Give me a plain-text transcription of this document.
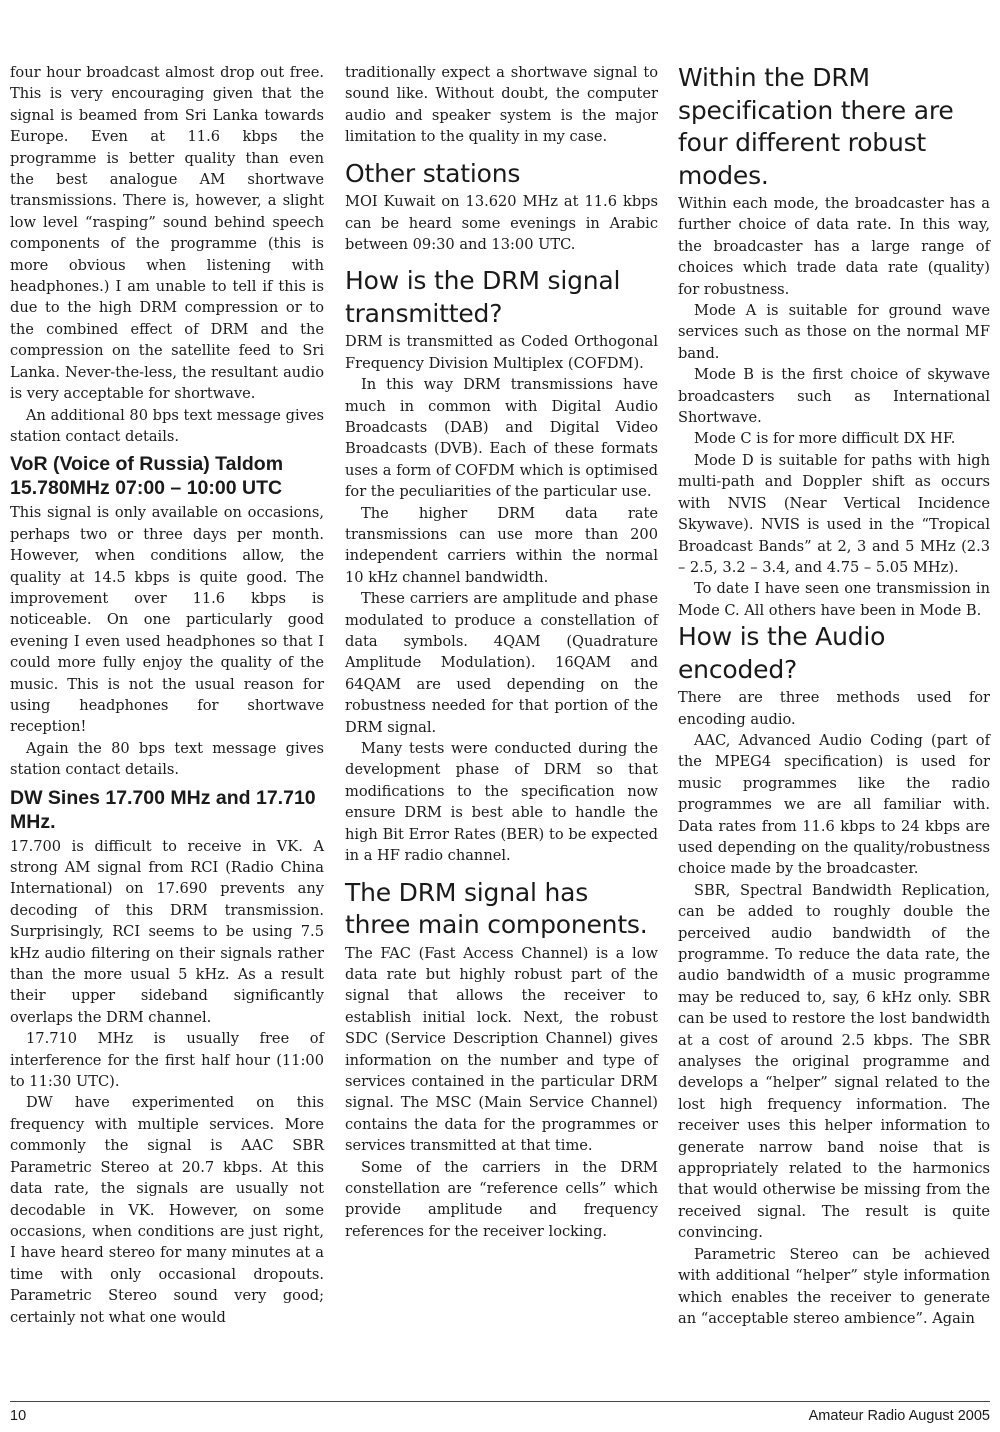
four hour broadcast almost drop out free. This is very encouraging given that the signal is beamed from Sri Lanka towards Europe. Even at 11.6 kbps the programme is better quality than even the best analogue AM shortwave transmissions. There is, however, a slight low level “rasping” sound behind speech components of the programme (this is more obvious when listening with headphones.) I am unable to tell if this is due to the high DRM compression or to the combined effect of DRM and the compression on the satellite feed to Sri Lanka. Never-the-less, the resultant audio is very acceptable for shortwave.

An additional 80 bps text message gives station contact details.

VoR (Voice of Russia) Taldom 15.780MHz 07:00 – 10:00 UTC

This signal is only available on occasions, perhaps two or three days per month. However, when conditions allow, the quality at 14.5 kbps is quite good. The improvement over 11.6 kbps is noticeable. On one particularly good evening I even used headphones so that I could more fully enjoy the quality of the music. This is not the usual reason for using headphones for shortwave reception!

Again the 80 bps text message gives station contact details.

DW Sines 17.700 MHz and 17.710 MHz.

17.700 is difficult to receive in VK. A strong AM signal from RCI (Radio China International) on 17.690 prevents any decoding of this DRM transmission. Surprisingly, RCI seems to be using 7.5 kHz audio filtering on their signals rather than the more usual 5 kHz. As a result their upper sideband significantly overlaps the DRM channel.

17.710 MHz is usually free of interference for the first half hour (11:00 to 11:30 UTC).

DW have experimented on this frequency with multiple services. More commonly the signal is AAC SBR Parametric Stereo at 20.7 kbps. At this data rate, the signals are usually not decodable in VK. However, on some occasions, when conditions are just right, I have heard stereo for many minutes at a time with only occasional dropouts. Parametric Stereo sound very good; certainly not what one would

traditionally expect a shortwave signal to sound like. Without doubt, the computer audio and speaker system is the major limitation to the quality in my case.

Other stations

MOI Kuwait on 13.620 MHz at 11.6 kbps can be heard some evenings in Arabic between 09:30 and 13:00 UTC.

How is the DRM signal transmitted?

DRM is transmitted as Coded Orthogonal Frequency Division Multiplex (COFDM).

In this way DRM transmissions have much in common with Digital Audio Broadcasts (DAB) and Digital Video Broadcasts (DVB). Each of these formats uses a form of COFDM which is optimised for the peculiarities of the particular use.

The higher DRM data rate transmissions can use more than 200 independent carriers within the normal 10 kHz channel bandwidth.

These carriers are amplitude and phase modulated to produce a constellation of data symbols. 4QAM (Quadrature Amplitude Modulation). 16QAM and 64QAM are used depending on the robustness needed for that portion of the DRM signal.

Many tests were conducted during the development phase of DRM so that modifications to the specification now ensure DRM is best able to handle the high Bit Error Rates (BER) to be expected in a HF radio channel.

The DRM signal has three main components.

The FAC (Fast Access Channel) is a low data rate but highly robust part of the signal that allows the receiver to establish initial lock. Next, the robust SDC (Service Description Channel) gives information on the number and type of services contained in the particular DRM signal. The MSC (Main Service Channel) contains the data for the programmes or services transmitted at that time.

Some of the carriers in the DRM constellation are “reference cells” which provide amplitude and frequency references for the receiver locking.

Within the DRM specification there are four different robust modes.

Within each mode, the broadcaster has a further choice of data rate. In this way, the broadcaster has a large range of choices which trade data rate (quality) for robustness.

Mode A is suitable for ground wave services such as those on the normal MF band.

Mode B is the first choice of skywave broadcasters such as International Shortwave.

Mode C is for more difficult DX HF.

Mode D is suitable for paths with high multi-path and Doppler shift as occurs with NVIS (Near Vertical Incidence Skywave). NVIS is used in the “Tropical Broadcast Bands” at 2, 3 and 5 MHz (2.3 – 2.5, 3.2 – 3.4, and 4.75 – 5.05 MHz).

To date I have seen one transmission in Mode C. All others have been in Mode B.

How is the Audio encoded?

There are three methods used for encoding audio.

AAC, Advanced Audio Coding (part of the MPEG4 specification) is used for music programmes like the radio programmes we are all familiar with. Data rates from 11.6 kbps to 24 kbps are used depending on the quality/robustness choice made by the broadcaster.

SBR, Spectral Bandwidth Replication, can be added to roughly double the perceived audio bandwidth of the programme. To reduce the data rate, the audio bandwidth of a music programme may be reduced to, say, 6 kHz only. SBR can be used to restore the lost bandwidth at a cost of around 2.5 kbps. The SBR analyses the original programme and develops a “helper” signal related to the lost high frequency information. The receiver uses this helper information to generate narrow band noise that is appropriately related to the harmonics that would otherwise be missing from the received signal. The result is quite convincing.

Parametric Stereo can be achieved with additional “helper” style information which enables the receiver to generate an “acceptable stereo ambience”. Again

10	Amateur Radio August 2005
